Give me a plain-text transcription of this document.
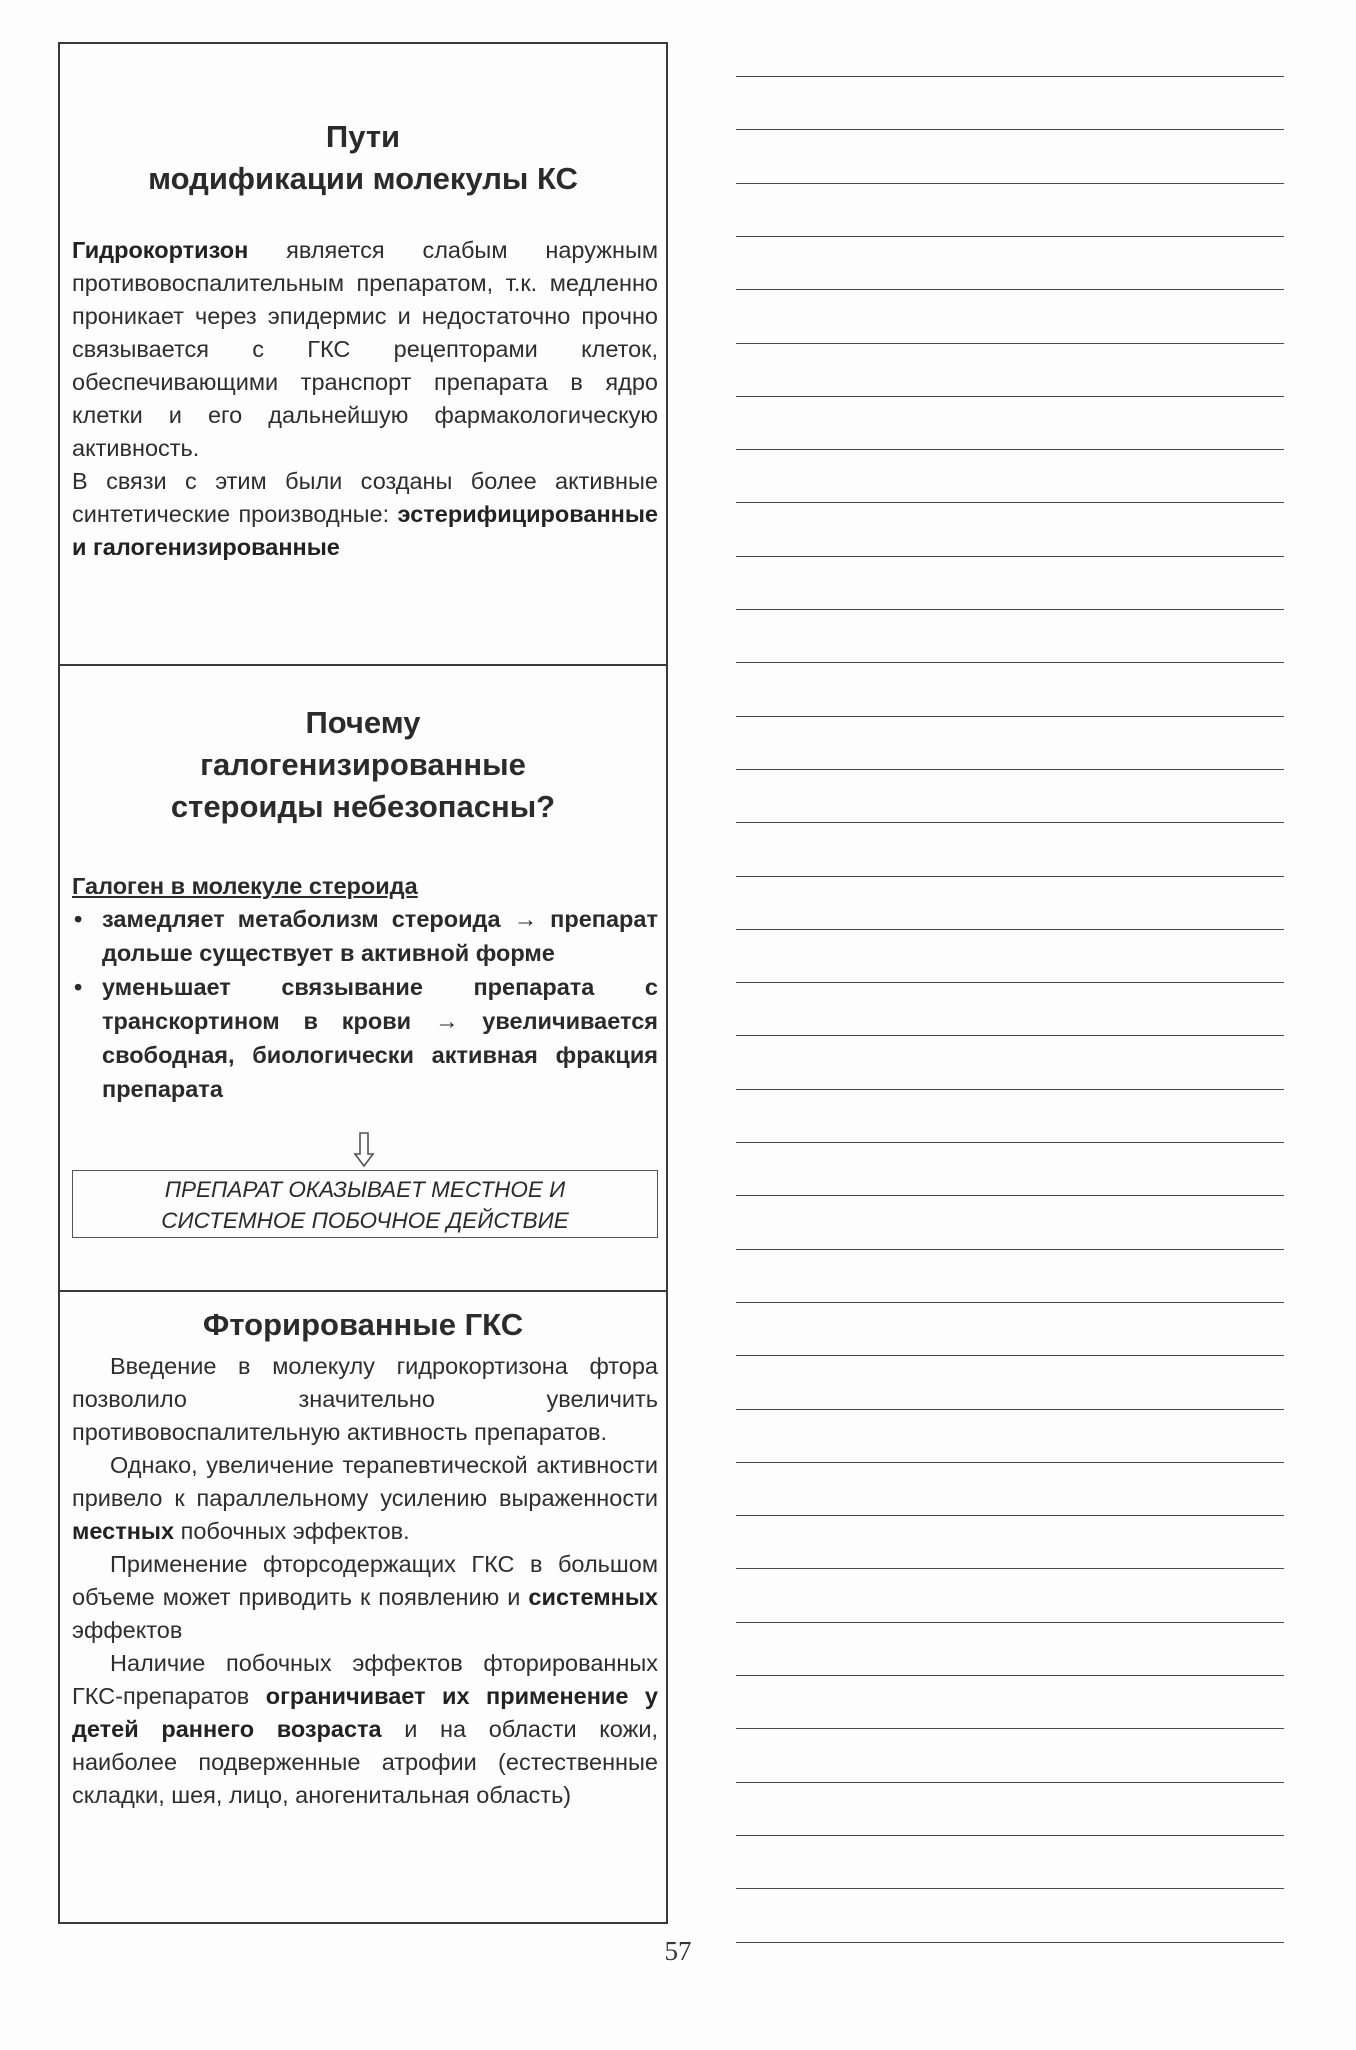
Пути
модификации молекулы КС

Гидрокортизон является слабым наружным противовоспалительным препаратом, т.к. медленно проникает через эпидермис и недостаточно прочно связывается с ГКС рецепторами клеток, обеспечивающими транспорт препарата в ядро клетки и его дальнейшую фармакологическую активность.
В связи с этим были созданы более активные синтетические производные: эстерифицированные и галогенизированные

Почему
галогенизированные
стероиды небезопасны?

Галоген в молекуле стероида

• замедляет метаболизм стероида → препарат дольше существует в активной форме
• уменьшает связывание препарата с транскортином в крови → увеличивается свободная, биологически активная фракция препарата
ПРЕПАРАТ ОКАЗЫВАЕТ МЕСТНОЕ И
СИСТЕМНОЕ ПОБОЧНОЕ ДЕЙСТВИЕ
Фторированные ГКС

Введение в молекулу гидрокортизона фтора позволило значительно увеличить противовоспалительную активность препаратов.

Однако, увеличение терапевтической активности привело к параллельному усилению выраженности местных побочных эффектов.

Применение фторсодержащих ГКС в большом объеме может приводить к появлению и системных эффектов

Наличие побочных эффектов фторированных ГКС-препаратов ограничивает их применение у детей раннего возраста и на области кожи, наиболее подверженные атрофии (естественные складки, шея, лицо, аногенитальная область)

57
